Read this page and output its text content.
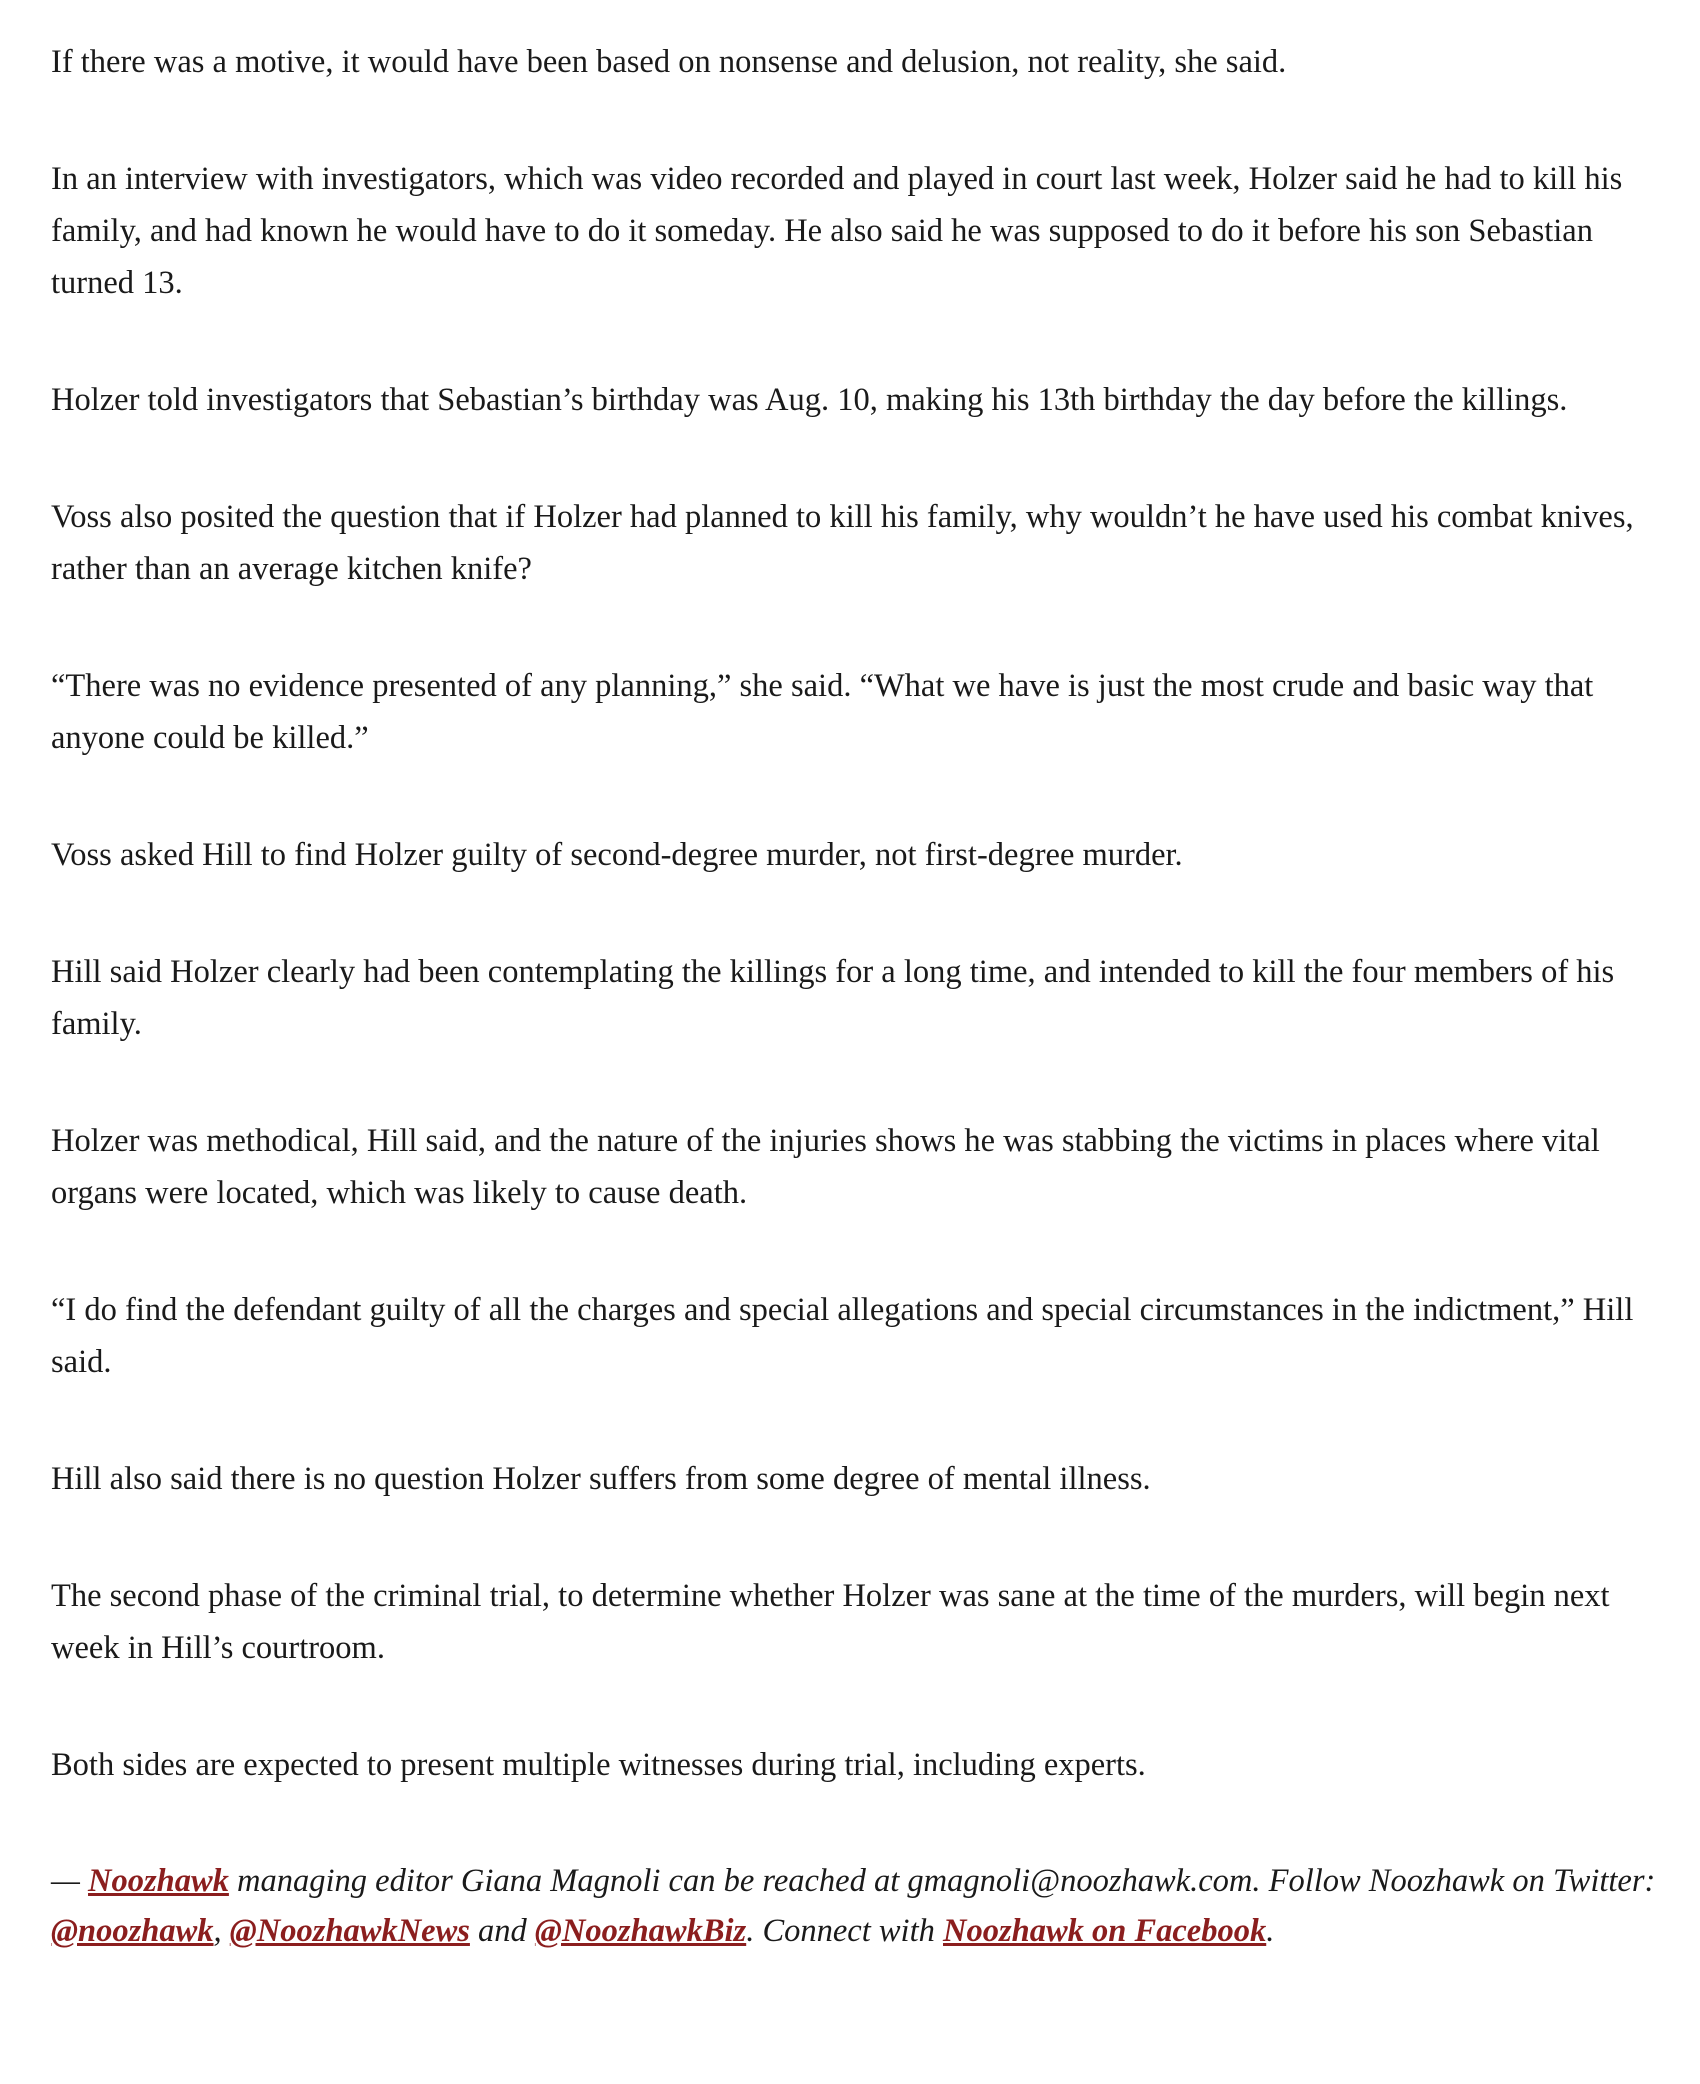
If there was a motive, it would have been based on nonsense and delusion, not reality, she said.

In an interview with investigators, which was video recorded and played in court last week, Holzer said he had to kill his family, and had known he would have to do it someday. He also said he was supposed to do it before his son Sebastian turned 13.

Holzer told investigators that Sebastian’s birthday was Aug. 10, making his 13th birthday the day before the killings.

Voss also posited the question that if Holzer had planned to kill his family, why wouldn’t he have used his combat knives, rather than an average kitchen knife?

“There was no evidence presented of any planning,” she said. “What we have is just the most crude and basic way that anyone could be killed.”

Voss asked Hill to find Holzer guilty of second-degree murder, not first-degree murder.

Hill said Holzer clearly had been contemplating the killings for a long time, and intended to kill the four members of his family.

Holzer was methodical, Hill said, and the nature of the injuries shows he was stabbing the victims in places where vital organs were located, which was likely to cause death.

“I do find the defendant guilty of all the charges and special allegations and special circumstances in the indictment,” Hill said.

Hill also said there is no question Holzer suffers from some degree of mental illness.

The second phase of the criminal trial, to determine whether Holzer was sane at the time of the murders, will begin next week in Hill’s courtroom.

Both sides are expected to present multiple witnesses during trial, including experts.

— Noozhawk managing editor Giana Magnoli can be reached at gmagnoli@noozhawk.com. Follow Noozhawk on Twitter: @noozhawk, @NoozhawkNews and @NoozhawkBiz. Connect with Noozhawk on Facebook.
